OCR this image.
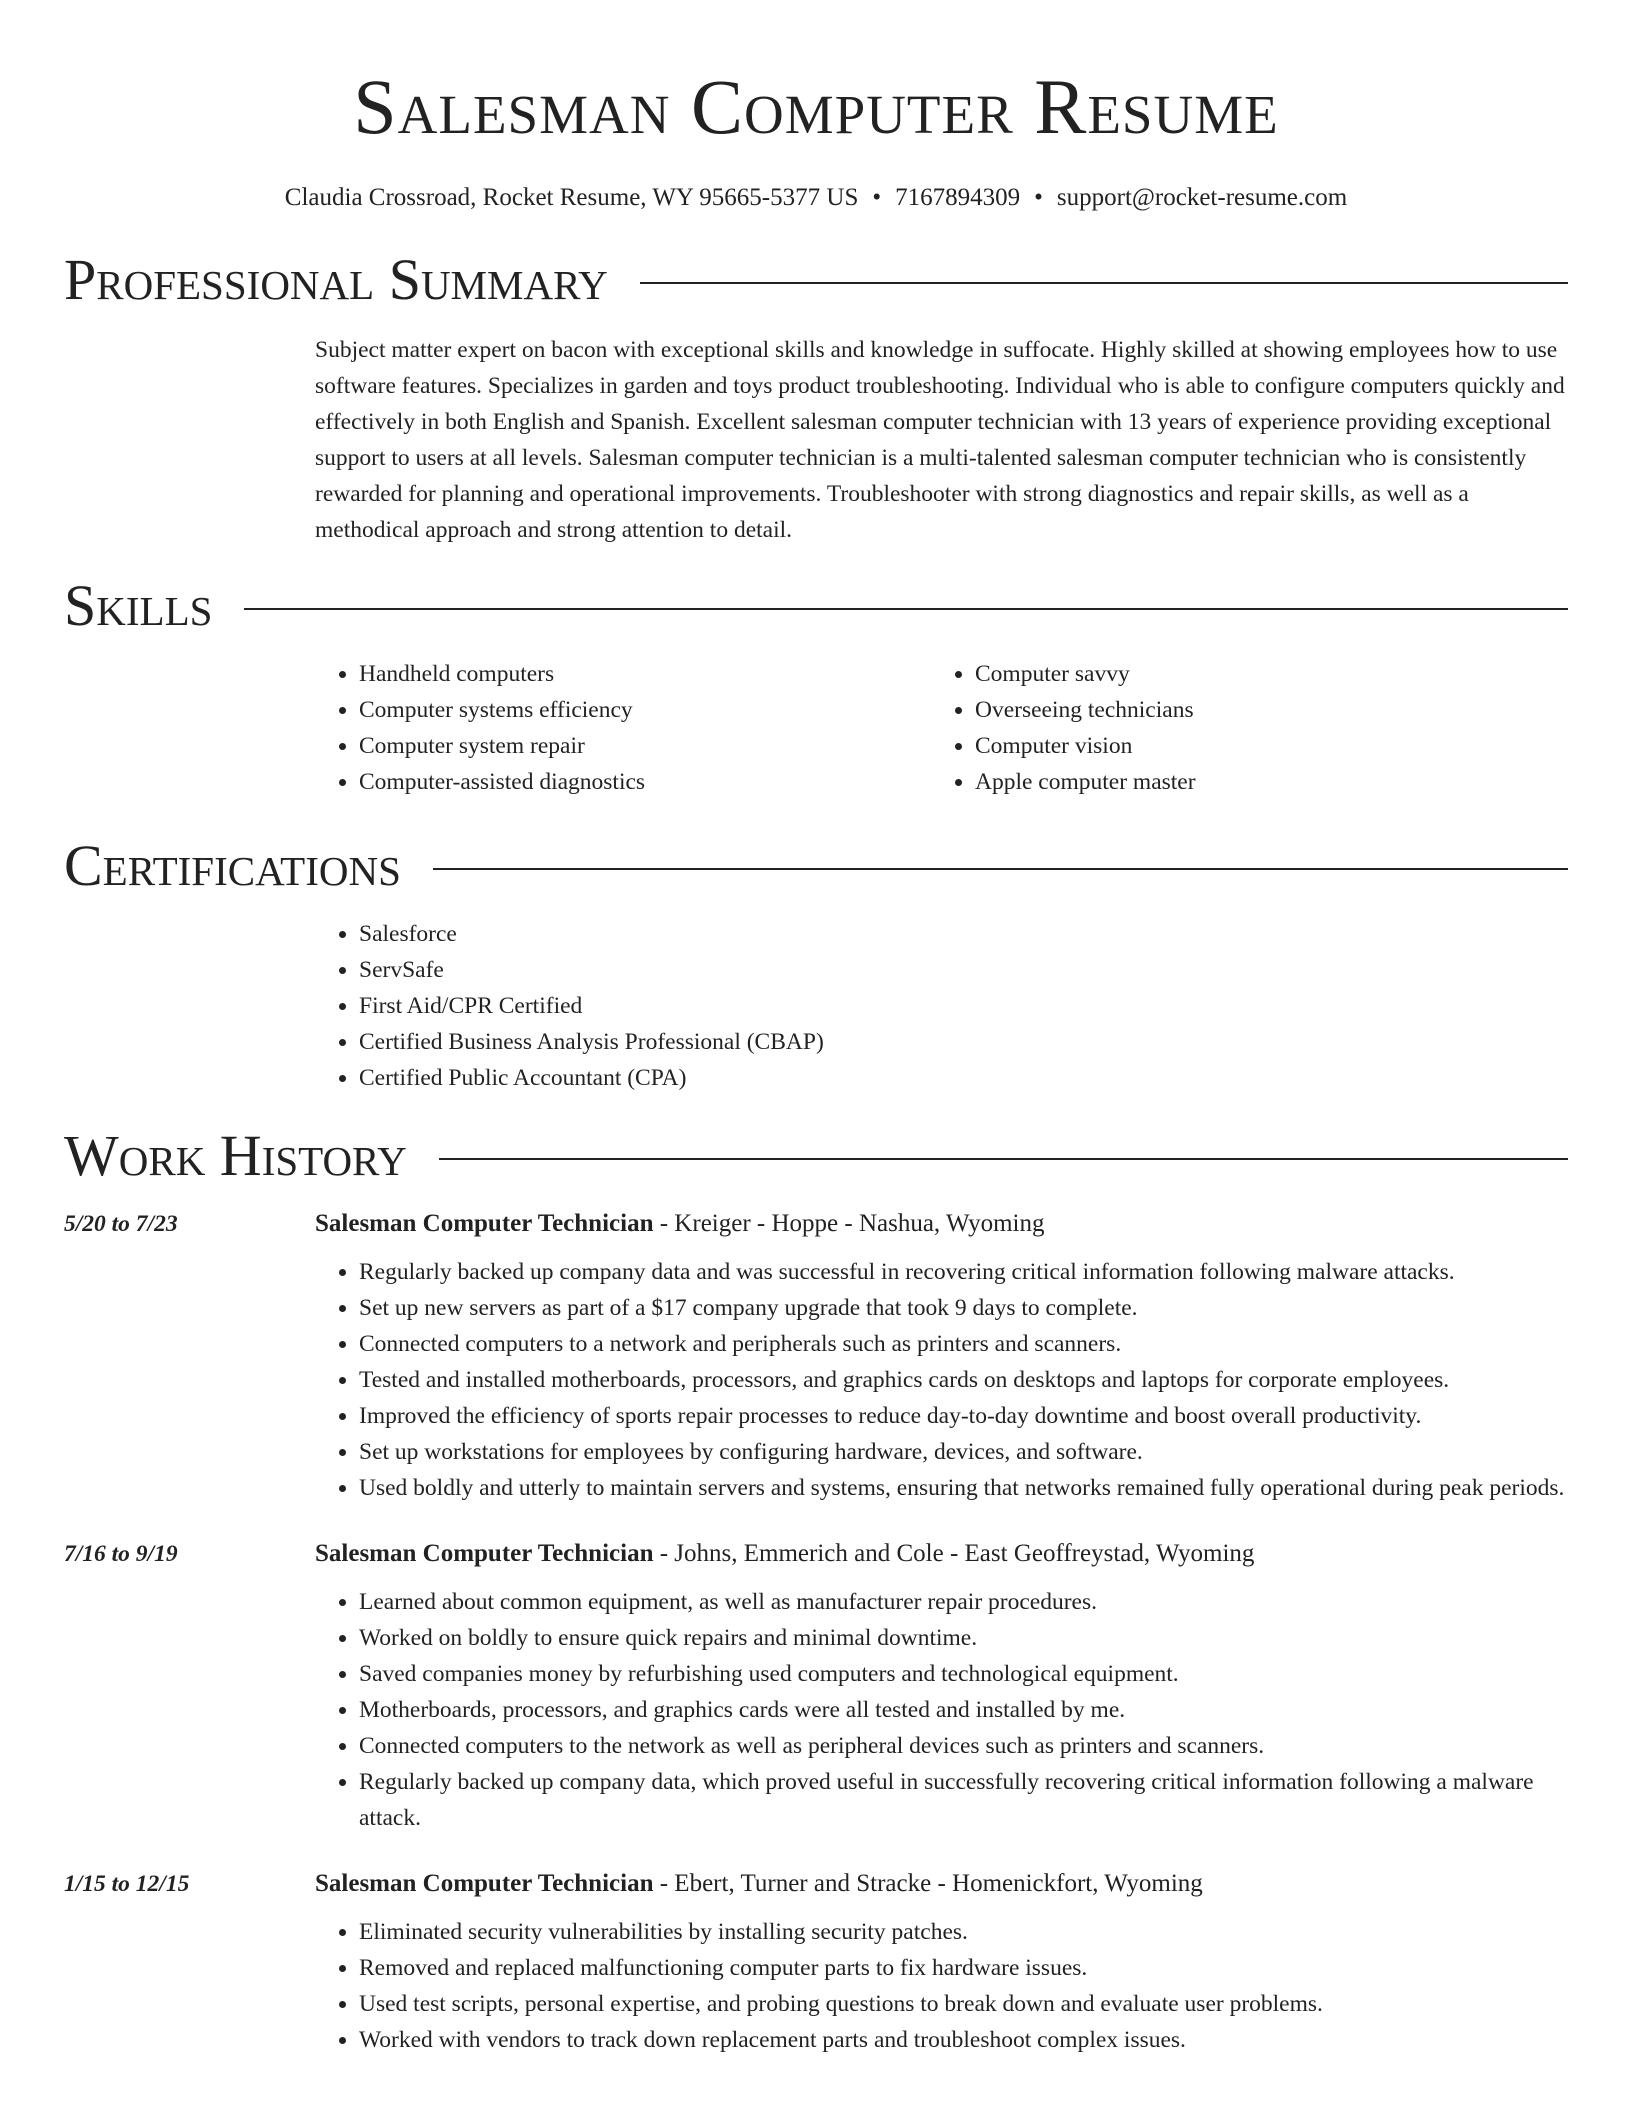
Salesman Computer Resume
Claudia Crossroad, Rocket Resume, WY 95665-5377 US • 7167894309 • support@rocket-resume.com
Professional Summary

Subject matter expert on bacon with exceptional skills and knowledge in suffocate. Highly skilled at showing employees how to use software features. Specializes in garden and toys product troubleshooting. Individual who is able to configure computers quickly and effectively in both English and Spanish. Excellent salesman computer technician with 13 years of experience providing exceptional support to users at all levels. Salesman computer technician is a multi-talented salesman computer technician who is consistently rewarded for planning and operational improvements. Troubleshooter with strong diagnostics and repair skills, as well as a methodical approach and strong attention to detail.

Skills
• Handheld computers
• Computer systems efficiency
• Computer system repair
• Computer-assisted diagnostics
• Computer savvy
• Overseeing technicians
• Computer vision
• Apple computer master
Certifications
• Salesforce
• ServSafe
• First Aid/CPR Certified
• Certified Business Analysis Professional (CBAP)
• Certified Public Accountant (CPA)
Work History
5/20 to 7/23	Salesman Computer Technician - Kreiger - Hoppe - Nashua, Wyoming
• Regularly backed up company data and was successful in recovering critical information following malware attacks.
• Set up new servers as part of a $17 company upgrade that took 9 days to complete.
• Connected computers to a network and peripherals such as printers and scanners.
• Tested and installed motherboards, processors, and graphics cards on desktops and laptops for corporate employees.
• Improved the efficiency of sports repair processes to reduce day-to-day downtime and boost overall productivity.
• Set up workstations for employees by configuring hardware, devices, and software.
• Used boldly and utterly to maintain servers and systems, ensuring that networks remained fully operational during peak periods.
7/16 to 9/19	Salesman Computer Technician - Johns, Emmerich and Cole - East Geoffreystad, Wyoming
• Learned about common equipment, as well as manufacturer repair procedures.
• Worked on boldly to ensure quick repairs and minimal downtime.
• Saved companies money by refurbishing used computers and technological equipment.
• Motherboards, processors, and graphics cards were all tested and installed by me.
• Connected computers to the network as well as peripheral devices such as printers and scanners.
• Regularly backed up company data, which proved useful in successfully recovering critical information following a malware attack.
1/15 to 12/15	Salesman Computer Technician - Ebert, Turner and Stracke - Homenickfort, Wyoming
• Eliminated security vulnerabilities by installing security patches.
• Removed and replaced malfunctioning computer parts to fix hardware issues.
• Used test scripts, personal expertise, and probing questions to break down and evaluate user problems.
• Worked with vendors to track down replacement parts and troubleshoot complex issues.
